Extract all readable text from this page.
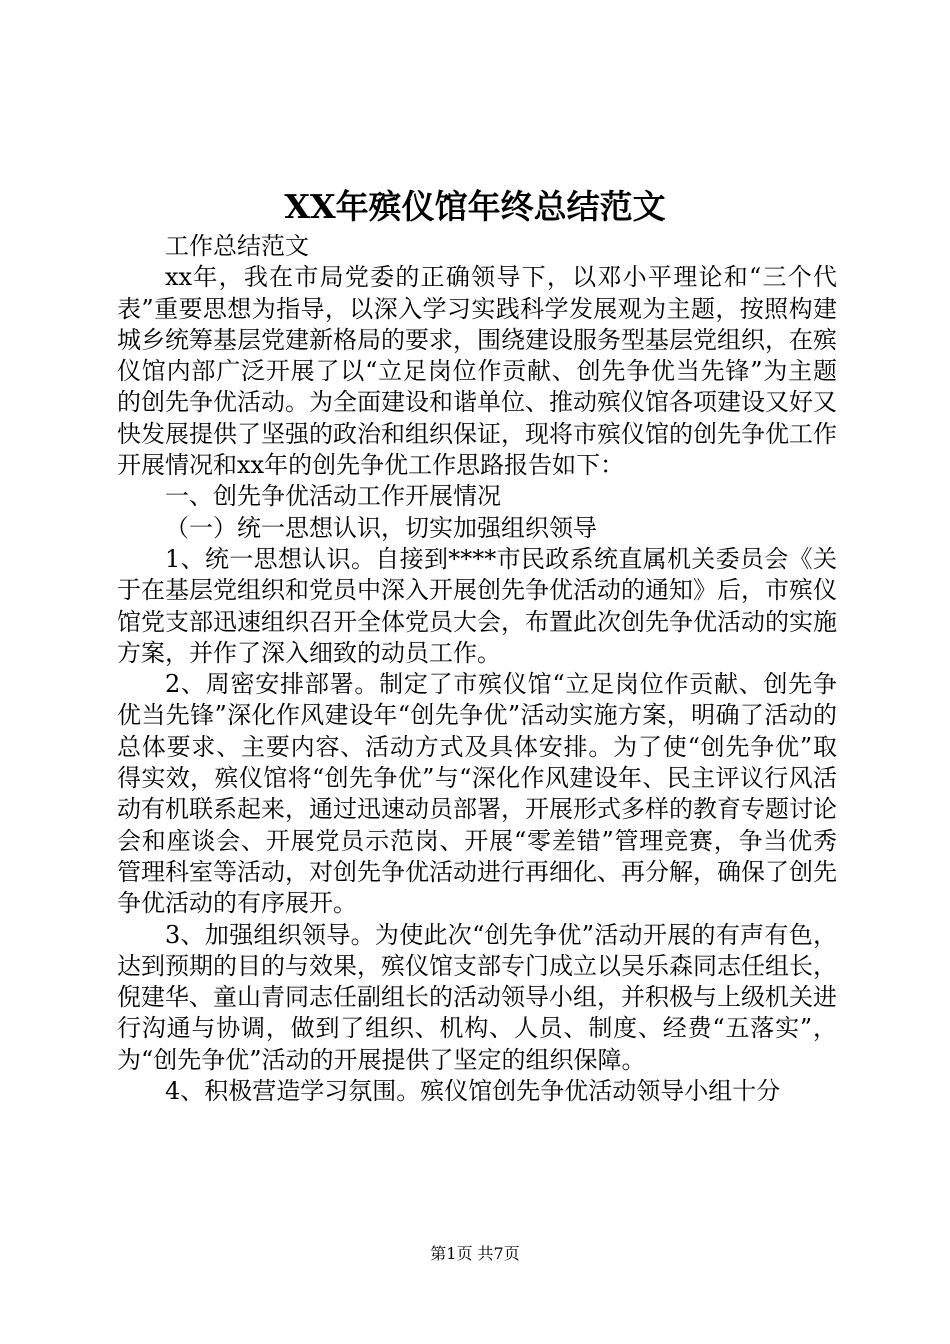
XX年殡仪馆年终总结范文

工作总结范文

xx年，我在市局党委的正确领导下，以邓小平理论和“三个代表”重要思想为指导，以深入学习实践科学发展观为主题，按照构建城乡统筹基层党建新格局的要求，围绕建设服务型基层党组织，在殡仪馆内部广泛开展了以“立足岗位作贡献、创先争优当先锋”为主题的创先争优活动。为全面建设和谐单位、推动殡仪馆各项建设又好又快发展提供了坚强的政治和组织保证，现将市殡仪馆的创先争优工作开展情况和xx年的创先争优工作思路报告如下：

一、创先争优活动工作开展情况

（一）统一思想认识，切实加强组织领导

1、统一思想认识。自接到****市民政系统直属机关委员会《关于在基层党组织和党员中深入开展创先争优活动的通知》后，市殡仪馆党支部迅速组织召开全体党员大会，布置此次创先争优活动的实施方案，并作了深入细致的动员工作。

2、周密安排部署。制定了市殡仪馆“立足岗位作贡献、创先争优当先锋”深化作风建设年“创先争优”活动实施方案，明确了活动的总体要求、主要内容、活动方式及具体安排。为了使“创先争优”取得实效，殡仪馆将“创先争优”与“深化作风建设年、民主评议行风活动有机联系起来，通过迅速动员部署，开展形式多样的教育专题讨论会和座谈会、开展党员示范岗、开展“零差错”管理竞赛，争当优秀管理科室等活动，对创先争优活动进行再细化、再分解，确保了创先争优活动的有序展开。

3、加强组织领导。为使此次“创先争优”活动开展的有声有色，达到预期的目的与效果，殡仪馆支部专门成立以吴乐森同志任组长，倪建华、童山青同志任副组长的活动领导小组，并积极与上级机关进行沟通与协调，做到了组织、机构、人员、制度、经费“五落实”，为“创先争优”活动的开展提供了坚定的组织保障。

4、积极营造学习氛围。殡仪馆创先争优活动领导小组十分

第1页 共7页
